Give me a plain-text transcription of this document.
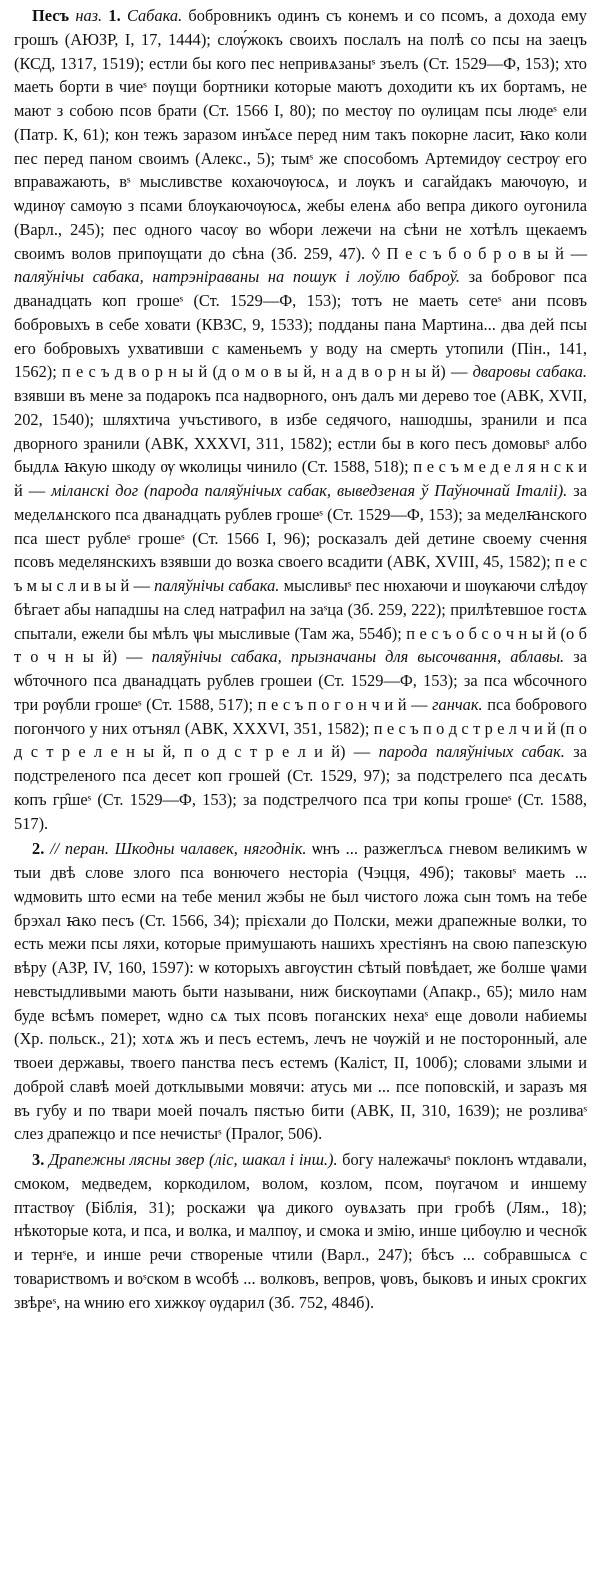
Песъ наз. 1. Сабака. бобровникъ одинъ съ конемъ и со псомъ, а дохода ему грошъ (АЮЗР, I, 17, 1444); слѹ́жокъ своихъ послалъ на полѣ со псы на заецъ (КСД, 1317, 1519); естли бы кого пес непривѧзаныˢ зъелъ (Ст. 1529—Ф, 153); хто маеть борти в чиеˢ пѹщи бортники которые маютъ доходити къ их бортамъ, не мают з собою псов брати (Ст. 1566 I, 80); по местѹ по ѹлицам псы людеˢ ели (Патр. К, 61); кон тежъ заразом инъ̆ѧсе перед ним такъ покорне ласит, ꙗко коли пес перед паном своимъ (Алекс., 5); тымˢ же способомъ Артемидѹ сестрѹ его вправажають, вˢ мысливстве кохаючѹюсѧ, и лѹкъ и сагайдакъ маючѹю, и ѡдинѹ самѹю з псами блѹкаючѹюсѧ, жебы еленѧ або вепра дикого оугонила (Варл., 245); пес одного часѹ во ѡбори лежечи на сѣни не хотѣлъ щекаемъ своимъ волов припѹщати до сѣна (Зб. 259, 47). ◊ П е с ъ б о б р о в ы й — паляўнічы сабака, натрэніраваны на пошук і лоўлю баброў. за бобровог пса дванадцать коп грошеˢ (Ст. 1529—Ф, 153); тотъ не маеть сетеˢ ани псовъ бобровыхъ в себе ховати (КВЗС, 9, 1533); подданы пана Мартина... два дей псы его бобровыхъ ухвативши с каменьемъ у воду на смерть утопили (Пін., 141, 1562); п е с ъ д в о р н ы й (д о м о в ы й, н а д в о р н ы й) — дваровы сабака. взявши въ мене за подарокъ пса надворного, онъ далъ ми дерево тое (АВК, XVII, 202, 1540); шляхтича учъстивого, в избе седячого, нашодшы, зранили и пса дворного зранили (АВК, XXXVI, 311, 1582); естли бы в кого песъ домовыˢ албо быдлѧ ꙗкую шкоду ѹ ѡколицы чинило (Ст. 1588, 518); п е с ъ м е д е л я н с к и й — міланскі дог (парода паляўнічых сабак, выведзеная ў Паўночнай Італіі). за меделѧнского пса дванадцать рублев грошеˢ (Ст. 1529—Ф, 153); за меделꙗнского пса шест рублеˢ грошеˢ (Ст. 1566 I, 96); росказалъ дей детине своему счення псовъ меделянскихъ взявши до возка своего всадити (АВК, XVIII, 45, 1582); п е с ъ м ы с л и в ы й — паляўнічы сабака. мысливыˢ пес нюхаючи и шѹкаючи слѣдѹ бѣгает абы нападшы на след натрафил на заˢца (Зб. 259, 222); прилѣтевшое гостѧ спытали, ежели бы мѣлъ ѱы мысливые (Там жа, 554б); п е с ъ о б с о ч н ы й (о б т о ч н ы й) — паляўнічы сабака, прызначаны для высочвання, аблавы. за ѡбточного пса дванадцать рублев грошеи (Ст. 1529—Ф, 153); за пса ѡбсочного три рѹбли грошеˢ (Ст. 1588, 517); п е с ъ п о г о н ч и й — ганчак. пса бобрового погончого у них отънял (АВК, XXXVI, 351, 1582); п е с ъ п о д с т р е л ч и й (п о д с т р е л е н ы й, п о д с т р е л и й) — парода паляўнічых сабак. за подстреленого пса десет коп грошей (Ст. 1529, 97); за подстрелего пса десѧть копъ гр̑шеˢ (Ст. 1529—Ф, 153); за подстрелчого пса три копы грошеˢ (Ст. 1588, 517).

2. // перан. Шкодны чалавек, нягоднік. ѡнъ ... разжеглъсѧ гневом великимъ ѡ тыи двѣ слове злого пса вонючего несторіа (Чэцця, 49б); таковыˢ маеть ... ѡдмовить што есми на тебе менил жэбы не был чистого ложа сын томъ на тебе брэхал ꙗко песъ (Ст. 1566, 34); прієхали до Полски, межи драпежные волки, то есть межи псы ляхи, которые примушають нашихъ хрестіянъ на свою папезскую вѣру (АЗР, IV, 160, 1597): ѡ которыхъ авгѹстин сѣтый повѣдает, же болше ѱами невстыдливыми мають быти называни, ниж бискѹпами (Апакр., 65); мило нам буде всѣмъ померет, ѡдно сѧ тых псовъ поганских нехаˢ еще доволи набиемы (Хр. польск., 21); хотѧ жъ и песъ естемъ, лечъ не чѹжій и не посторонный, але твоеи державы, твоего панства песъ естемъ (Каліст, II, 100б); словами злыми и доброй славѣ моей дотклывыми мовячи: атусь ми ... псе поповскій, и заразъ мя въ губу и по твари моей почалъ пястью бити (АВК, II, 310, 1639); не розливаˢ слез драпежцо и псе нечистыˢ (Пралог, 506).

3. Драпежны лясны звер (ліс, шакал і інш.). богу належачыˢ поклонъ ѡтдавали, смоком, медведем, коркодилом, волом, козлом, псом, пѹгачом и иншему птаствѹ (Біблія, 31); роскажи ѱа дикого оувѧзать при гробѣ (Лям., 18); нѣкоторые кота, и пса, и волка, и малпѹ, и смока и змію, инше цибѹлю и чесно̄к и тернˢе, и инше речи створеные чтили (Варл., 247); бѣсъ ... собравшысѧ с товариствомъ и воˢском в ѡсобѣ ... волковъ, вепров, ѱовъ, быковъ и иных срокгих звѣреˢ, на ѡнию его хижкѹ ѹдарил (Зб. 752, 484б).
